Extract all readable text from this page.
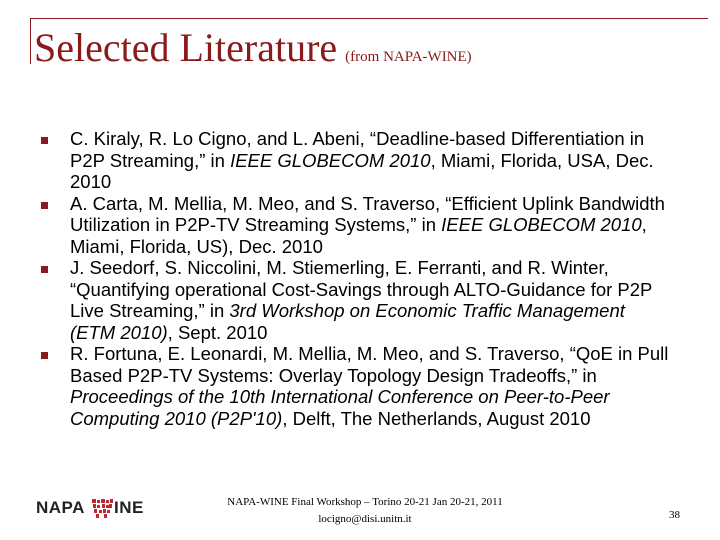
Selected Literature (from NAPA-WINE)
C. Kiraly, R. Lo Cigno, and L. Abeni, “Deadline-based Differentiation in P2P Streaming,” in IEEE GLOBECOM 2010, Miami, Florida, USA, Dec. 2010
A. Carta, M. Mellia, M. Meo, and S. Traverso, “Efficient Uplink Bandwidth Utilization in P2P-TV Streaming Systems,” in IEEE GLOBECOM 2010, Miami, Florida, US), Dec. 2010
J. Seedorf, S. Niccolini, M. Stiemerling, E. Ferranti, and R. Winter, “Quantifying operational Cost-Savings through ALTO-Guidance for P2P Live Streaming,” in 3rd Workshop on Economic Traffic Management (ETM 2010), Sept. 2010
R. Fortuna, E. Leonardi, M. Mellia, M. Meo, and S. Traverso, “QoE in Pull Based P2P-TV Systems: Overlay Topology Design Tradeoffs,” in Proceedings of the 10th International Conference on Peer-to-Peer Computing 2010 (P2P'10), Delft, The Netherlands, August 2010
NAPA INE	NAPA-WINE Final Workshop – Torino 20-21 Jan 20-21, 2011
locigno@disi.unitn.it	38
